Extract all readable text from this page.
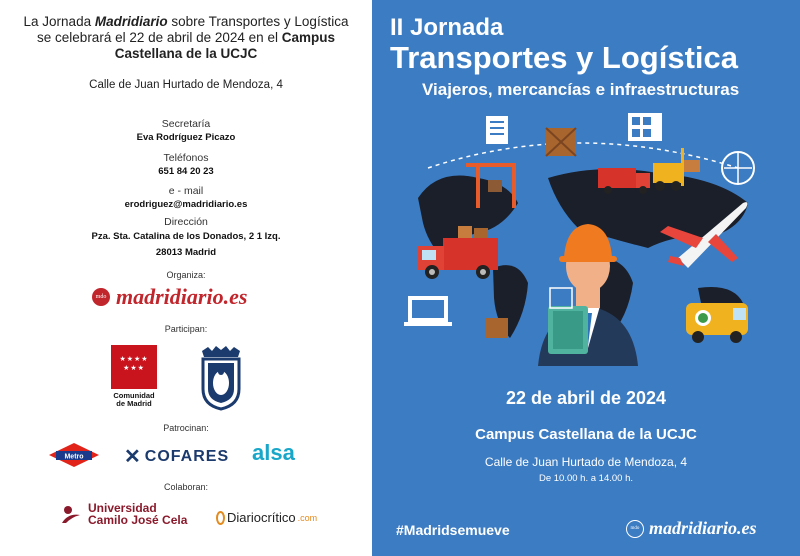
La Jornada Madridiario sobre Transportes y Logística
se celebrará el 22 de abril de 2024 en el Campus
Castellana de la UCJC
Calle de Juan Hurtado de Mendoza, 4
Secretaría
Eva Rodríguez Picazo
Teléfonos
651 84 20 23
e - mail
erodriguez@madridiario.es
Dirección
Pza. Sta. Catalina de los Donados, 2 1 Izq.
28013 Madrid
Organiza:
mdo madridiario.es
Participan:
★★★★ ★★★
Comunidad
de Madrid
Patrocinan:
Metro ✕ COFARES alsa
Colaboran:
Universidad
Camilo José Cela	Diariocrítico .com
II Jornada
Transportes y Logística
Viajeros, mercancías e infraestructuras
22 de abril de 2024
Campus Castellana de la UCJC
Calle de Juan Hurtado de Mendoza, 4
De 10.00 h. a 14.00 h.
#Madridsemueve	mdo madridiario.es
